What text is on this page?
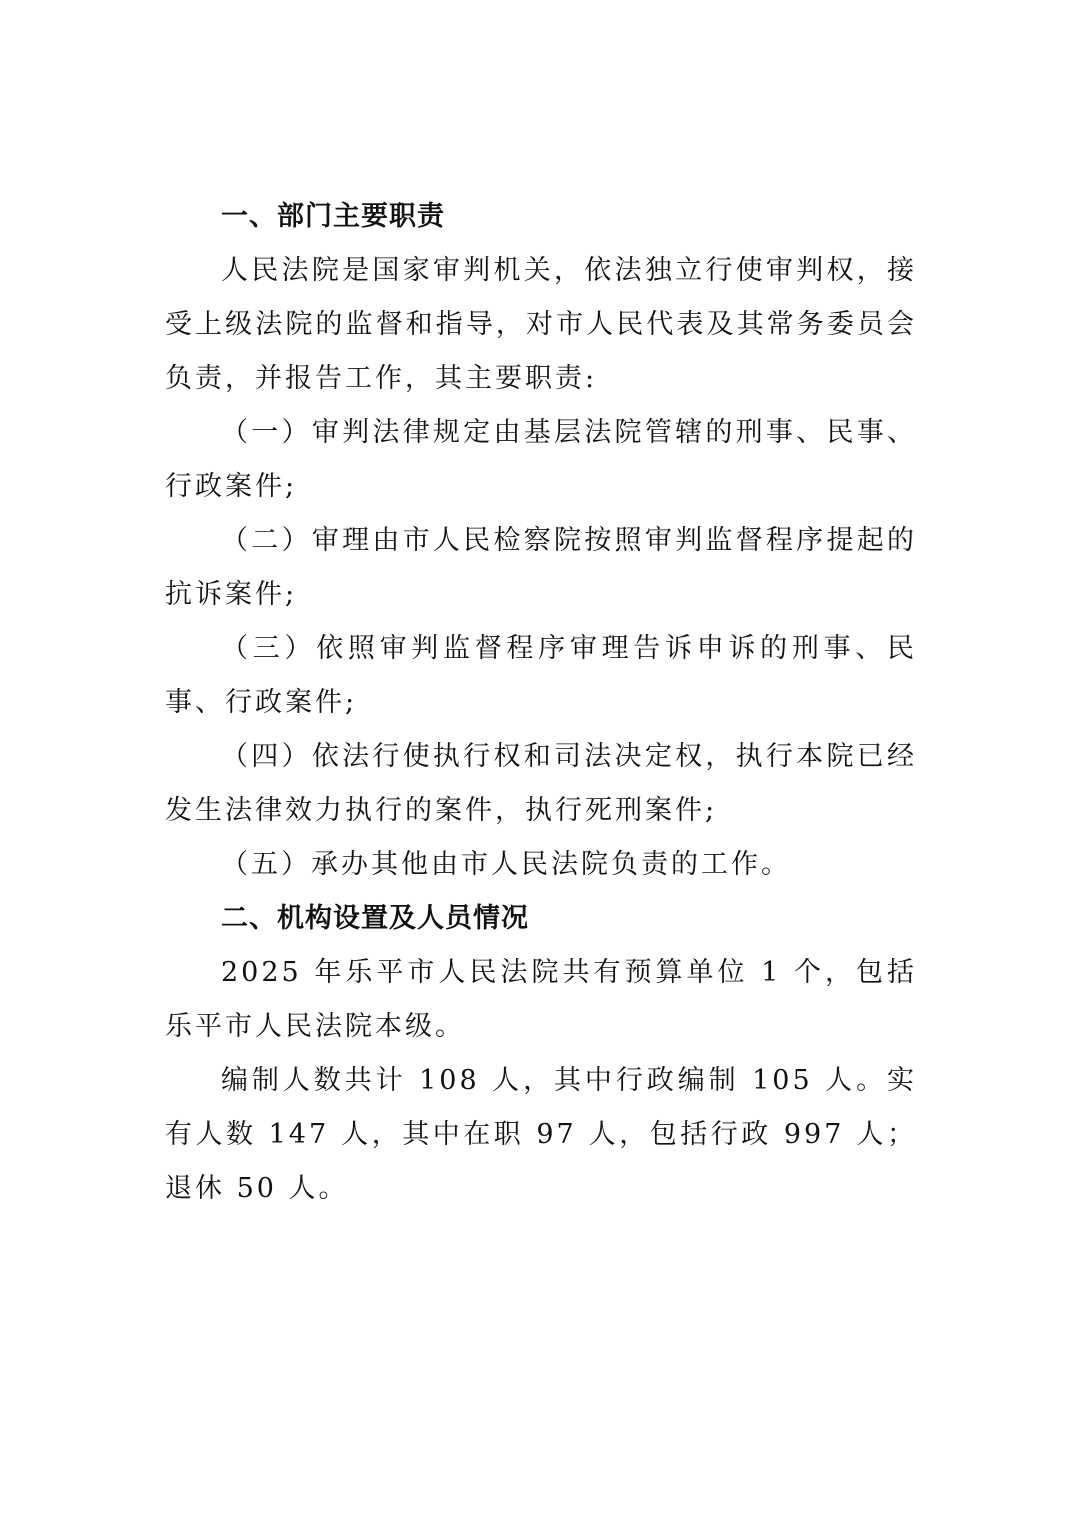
一、部门主要职责

人民法院是国家审判机关，依法独立行使审判权，接受上级法院的监督和指导，对市人民代表及其常务委员会负责，并报告工作，其主要职责:

（一）审判法律规定由基层法院管辖的刑事、民事、行政案件;

（二）审理由市人民检察院按照审判监督程序提起的抗诉案件;

（三）依照审判监督程序审理告诉申诉的刑事、民事、行政案件;

（四）依法行使执行权和司法决定权，执行本院已经发生法律效力执行的案件，执行死刑案件;

（五）承办其他由市人民法院负责的工作。

二、机构设置及人员情况

2025 年乐平市人民法院共有预算单位 1 个，包括乐平市人民法院本级。

编制人数共计 108 人，其中行政编制 105 人。实有人数 147 人，其中在职 97 人，包括行政 997 人；退休 50 人。
